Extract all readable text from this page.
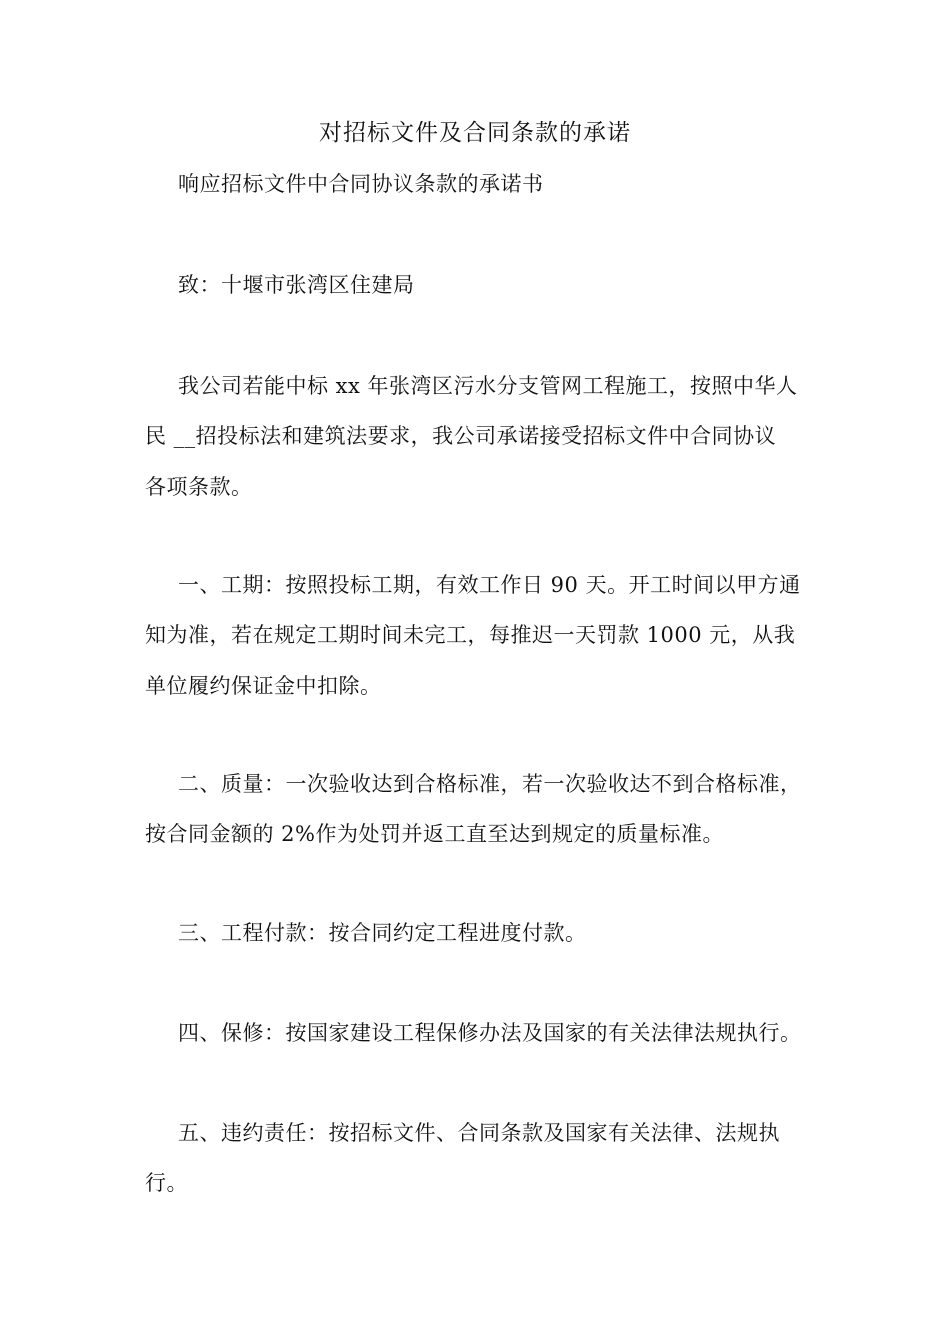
对招标文件及合同条款的承诺

响应招标文件中合同协议条款的承诺书

致：十堰市张湾区住建局

我公司若能中标 xx 年张湾区污水分支管网工程施工，按照中华人

民 __招投标法和建筑法要求，我公司承诺接受招标文件中合同协议

各项条款。

一、工期：按照投标工期，有效工作日 90 天。开工时间以甲方通

知为准，若在规定工期时间未完工，每推迟一天罚款 1000 元，从我

单位履约保证金中扣除。

二、质量：一次验收达到合格标准，若一次验收达不到合格标准，

按合同金额的 2%作为处罚并返工直至达到规定的质量标准。

三、工程付款：按合同约定工程进度付款。

四、保修：按国家建设工程保修办法及国家的有关法律法规执行。

五、违约责任：按招标文件、合同条款及国家有关法律、法规执

行。
